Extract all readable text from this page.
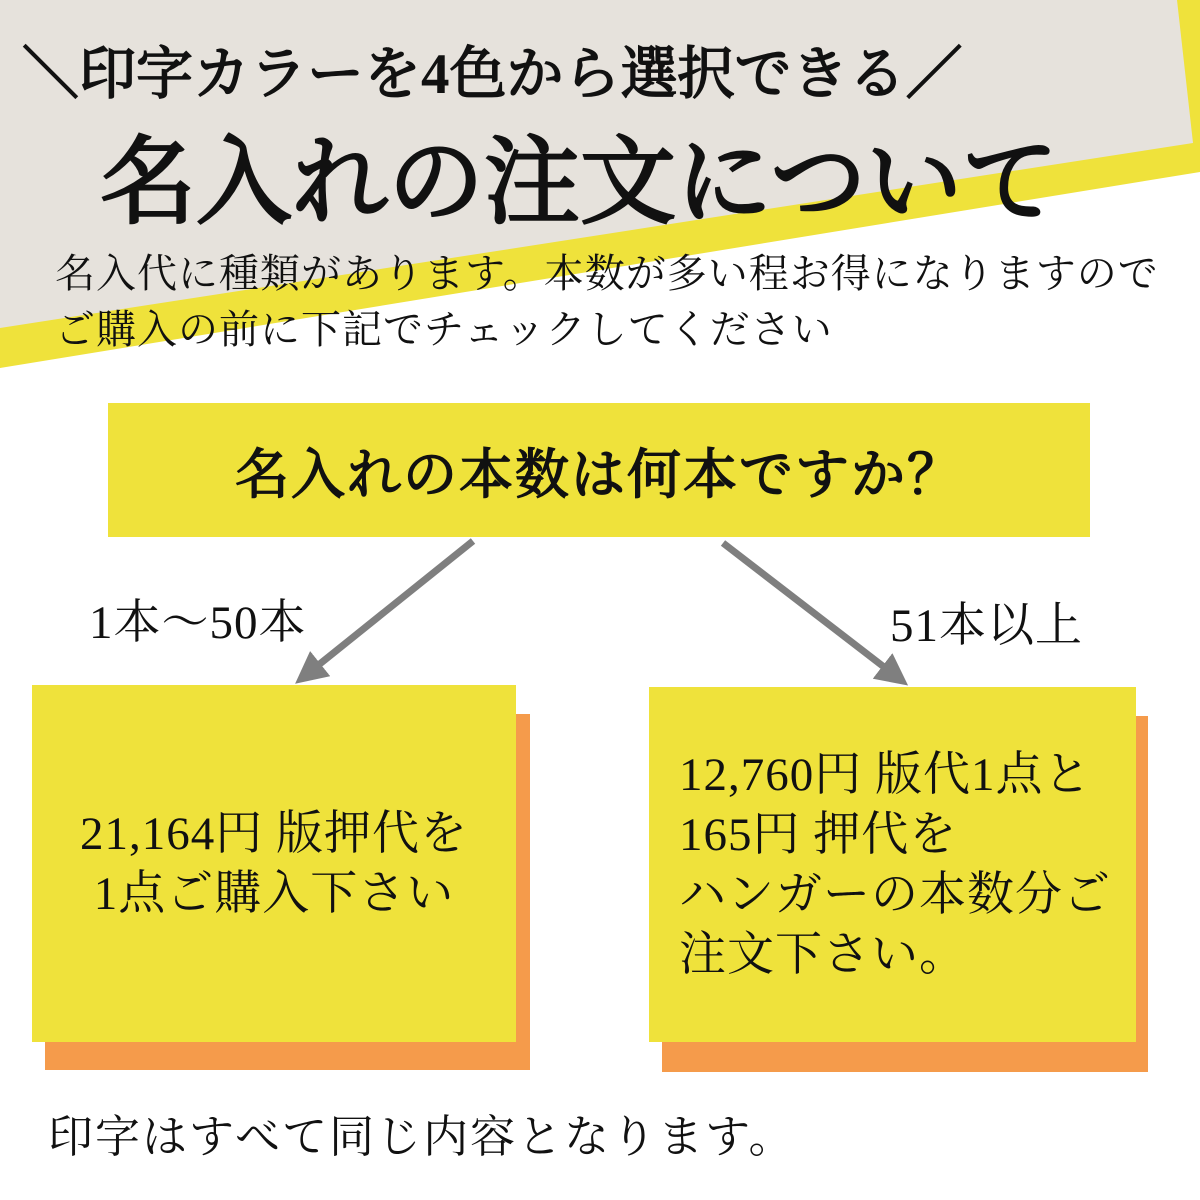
＼印字カラーを4色から選択できる／
名入れの注文について
名入代に種類があります。本数が多い程お得になりますので
ご購入の前に下記でチェックしてください
名入れの本数は何本ですか？
1本〜50本	51本以上
21,164円 版押代を
1点ご購入下さい
12,760円 版代1点と
165円 押代を
ハンガーの本数分ご
注文下さい。
印字はすべて同じ内容となります。
